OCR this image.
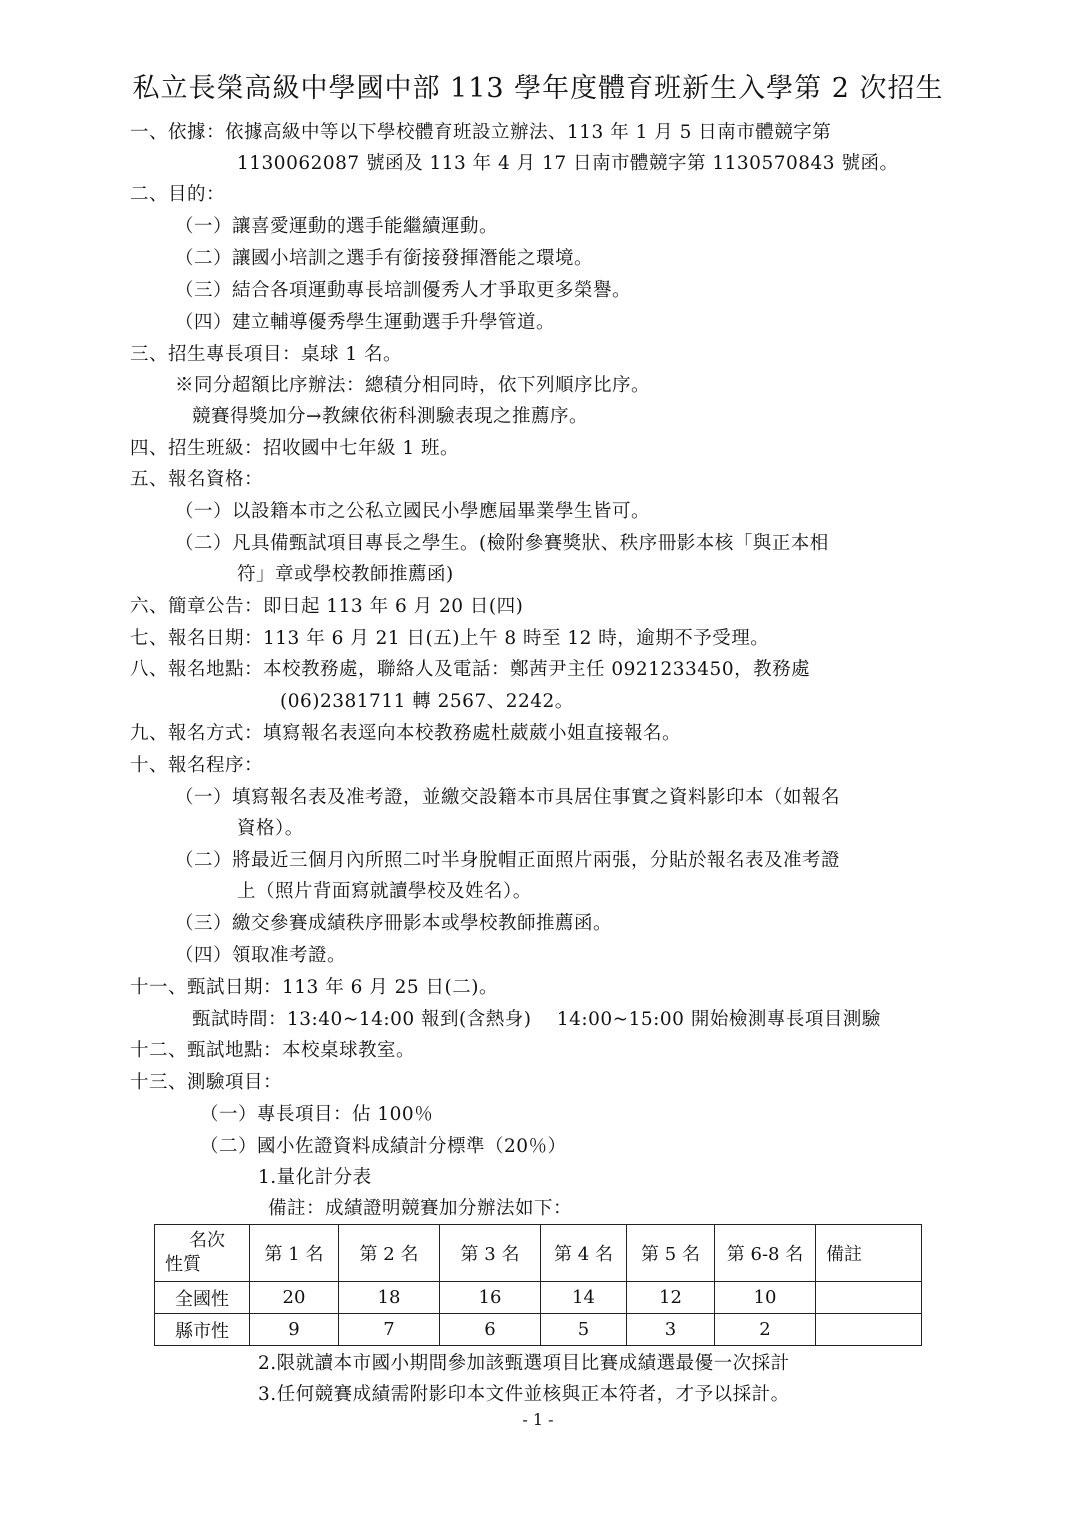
私立長榮高級中學國中部 113 學年度體育班新生入學第 2 次招生
一、依據：依據高級中等以下學校體育班設立辦法、113 年 1 月 5 日南市體競字第
1130062087 號函及 113 年 4 月 17 日南市體競字第 1130570843 號函。
二、目的：
（一）讓喜愛運動的選手能繼續運動。
（二）讓國小培訓之選手有銜接發揮潛能之環境。
（三）結合各項運動專長培訓優秀人才爭取更多榮譽。
（四）建立輔導優秀學生運動選手升學管道。
三、招生專長項目：桌球 1 名。
※同分超額比序辦法：總積分相同時，依下列順序比序。
競賽得獎加分→教練依術科測驗表現之推薦序。
四、招生班級：招收國中七年級 1 班。
五、報名資格：
（一）以設籍本市之公私立國民小學應屆畢業學生皆可。
（二）凡具備甄試項目專長之學生。(檢附參賽獎狀、秩序冊影本核「與正本相
符」章或學校教師推薦函)
六、簡章公告：即日起 113 年 6 月 20 日(四)
七、報名日期：113 年 6 月 21 日(五)上午 8 時至 12 時，逾期不予受理。
八、報名地點：本校教務處，聯絡人及電話：鄭茜尹主任 0921233450，教務處
(06)2381711 轉 2567、2242。
九、報名方式：填寫報名表逕向本校教務處杜葳葳小姐直接報名。
十、報名程序：
（一）填寫報名表及准考證，並繳交設籍本市具居住事實之資料影印本（如報名
資格）。
（二）將最近三個月內所照二吋半身脫帽正面照片兩張，分貼於報名表及准考證
上（照片背面寫就讀學校及姓名）。
（三）繳交參賽成績秩序冊影本或學校教師推薦函。
（四）領取准考證。
十一、甄試日期：113 年 6 月 25 日(二)。
甄試時間：13:40~14:00 報到(含熱身)　 14:00~15:00 開始檢測專長項目測驗
十二、甄試地點：本校桌球教室。
十三、測驗項目：
（一）專長項目：佔 100％
（二）國小佐證資料成績計分標準（20％）
1.量化計分表
備註：成績證明競賽加分辦法如下：
名次
性質	第 1 名	第 2 名	第 3 名	第 4 名	第 5 名	第 6-8 名	備註
全國性	20	18	16	14	12	10	
縣市性	9	7	6	5	3	2	
2.限就讀本市國小期間參加該甄選項目比賽成績選最優一次採計
3.任何競賽成績需附影印本文件並核與正本符者，才予以採計。
- 1 -
